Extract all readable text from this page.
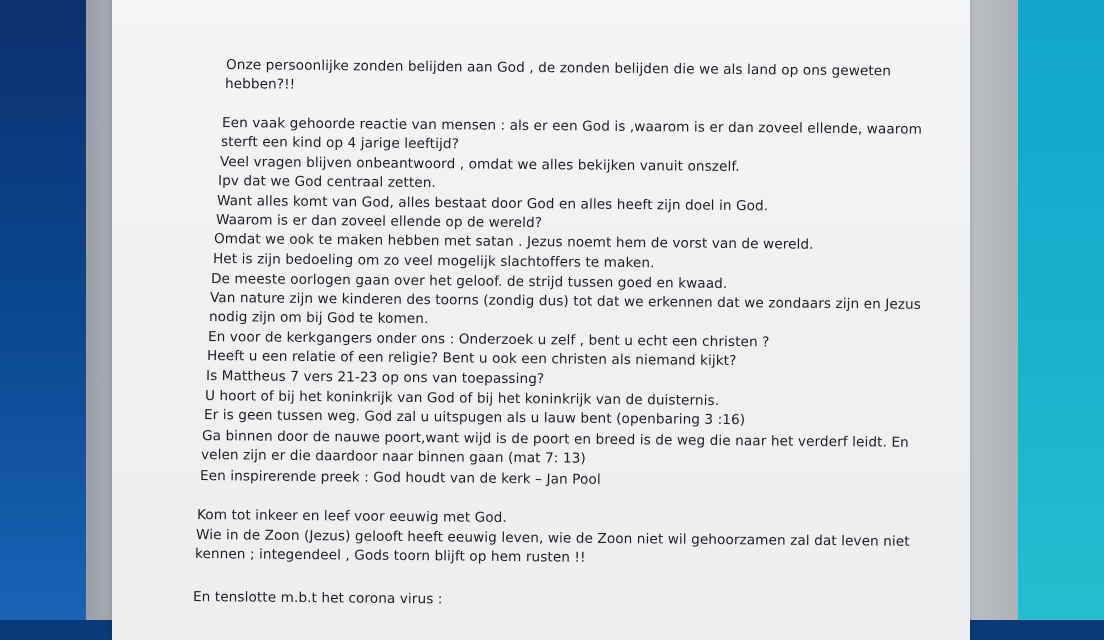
Onze persoonlijke zonden belijden aan God , de zonden belijden die we als land op ons geweten
hebben?!!
Een vaak gehoorde reactie van mensen : als er een God is ,waarom is er dan zoveel ellende, waarom
sterft een kind op 4 jarige leeftijd?
Veel vragen blijven onbeantwoord , omdat we alles bekijken vanuit onszelf.
Ipv dat we God centraal zetten.
Want alles komt van God, alles bestaat door God en alles heeft zijn doel in God.
Waarom is er dan zoveel ellende op de wereld?
Omdat we ook te maken hebben met satan . Jezus noemt hem de vorst van de wereld.
Het is zijn bedoeling om zo veel mogelijk slachtoffers te maken.
De meeste oorlogen gaan over het geloof. de strijd tussen goed en kwaad.
Van nature zijn we kinderen des toorns (zondig dus) tot dat we erkennen dat we zondaars zijn en Jezus
nodig zijn om bij God te komen.
En voor de kerkgangers onder ons : Onderzoek u zelf , bent u echt een christen ?
Heeft u een relatie of een religie? Bent u ook een christen als niemand kijkt?
Is Mattheus 7 vers 21-23 op ons van toepassing?
U hoort of bij het koninkrijk van God of bij het koninkrijk van de duisternis.
Er is geen tussen weg. God zal u uitspugen als u lauw bent (openbaring 3 :16)
Ga binnen door de nauwe poort,want wijd is de poort en breed is de weg die naar het verderf leidt. En
velen zijn er die daardoor naar binnen gaan (mat 7: 13)
Een inspirerende preek : God houdt van de kerk – Jan Pool
Kom tot inkeer en leef voor eeuwig met God.
Wie in de Zoon (Jezus) gelooft heeft eeuwig leven, wie de Zoon niet wil gehoorzamen zal dat leven niet
kennen ; integendeel , Gods toorn blijft op hem rusten !!
En tenslotte m.b.t het corona virus :
